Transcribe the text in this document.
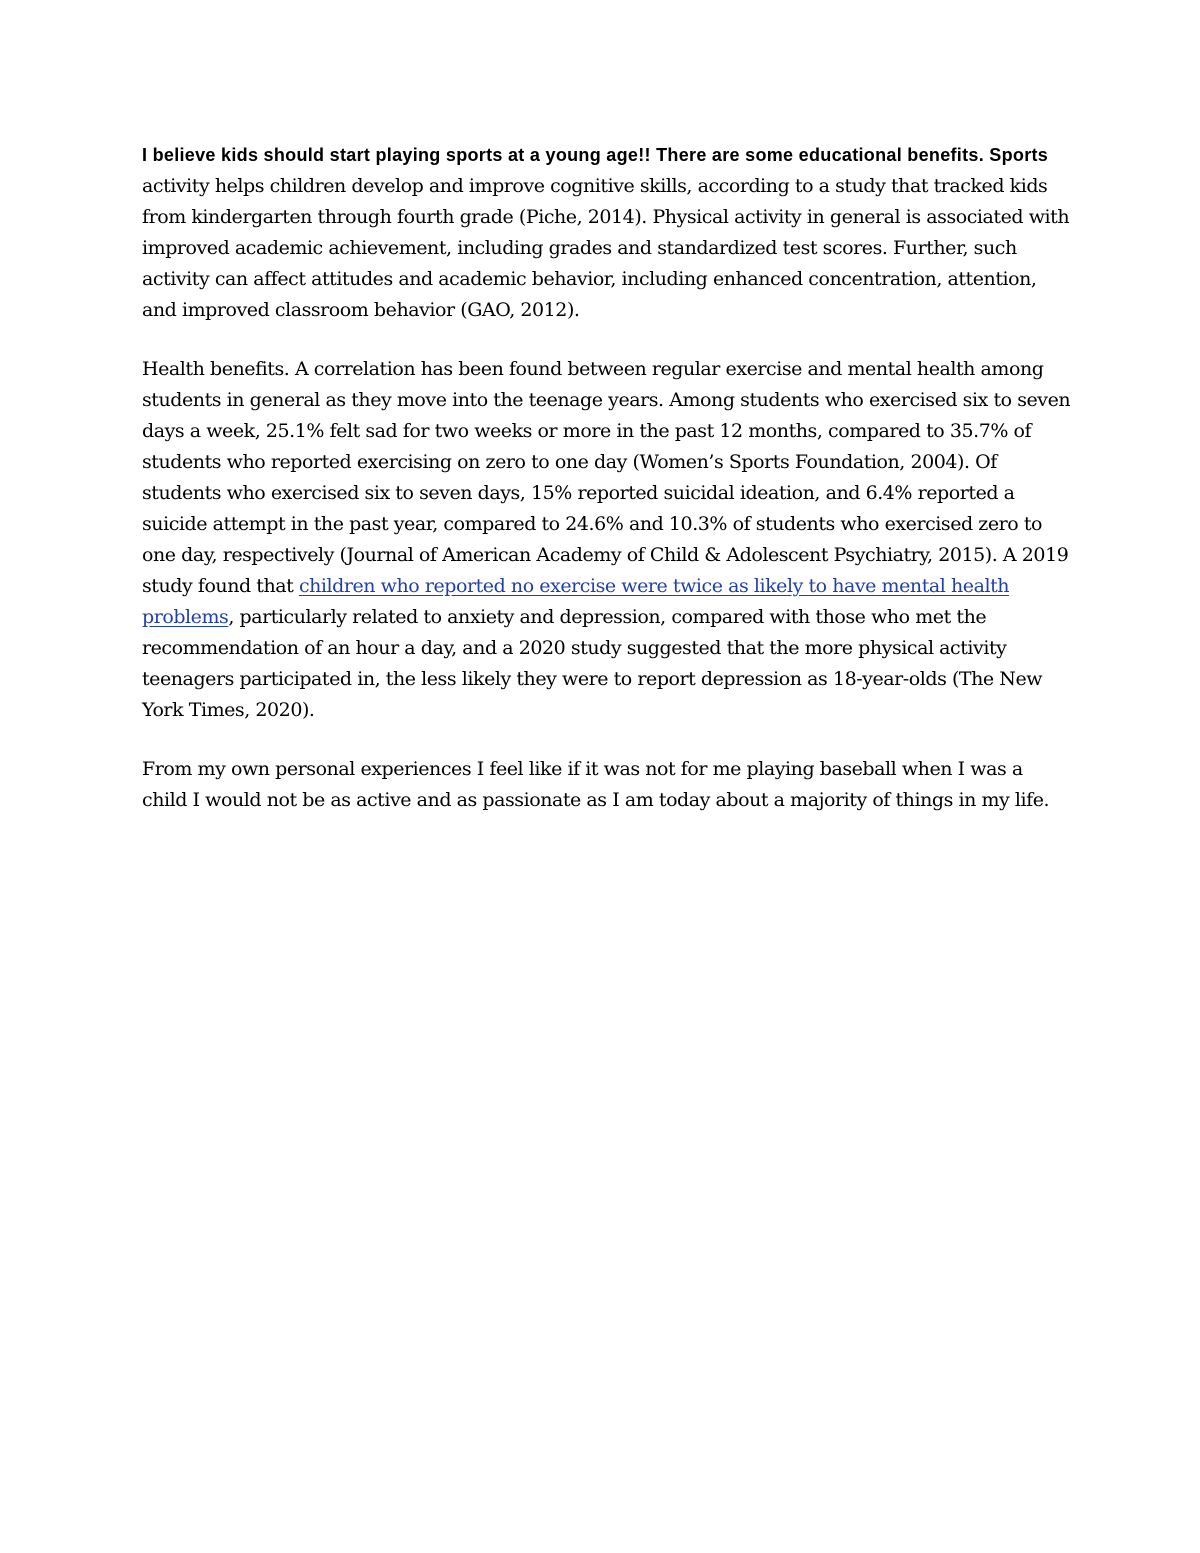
I believe kids should start playing sports at a young age!! There are some educational benefits. Sports activity helps children develop and improve cognitive skills, according to a study that tracked kids from kindergarten through fourth grade (Piche, 2014). Physical activity in general is associated with improved academic achievement, including grades and standardized test scores. Further, such activity can affect attitudes and academic behavior, including enhanced concentration, attention, and improved classroom behavior (GAO, 2012).

Health benefits. A correlation has been found between regular exercise and mental health among students in general as they move into the teenage years. Among students who exercised six to seven days a week, 25.1% felt sad for two weeks or more in the past 12 months, compared to 35.7% of students who reported exercising on zero to one day (Women’s Sports Foundation, 2004). Of students who exercised six to seven days, 15% reported suicidal ideation, and 6.4% reported a suicide attempt in the past year, compared to 24.6% and 10.3% of students who exercised zero to one day, respectively (Journal of American Academy of Child & Adolescent Psychiatry, 2015). A 2019 study found that children who reported no exercise were twice as likely to have mental health problems, particularly related to anxiety and depression, compared with those who met the recommendation of an hour a day, and a 2020 study suggested that the more physical activity teenagers participated in, the less likely they were to report depression as 18-year-olds (The New York Times, 2020).

From my own personal experiences I feel like if it was not for me playing baseball when I was a child I would not be as active and as passionate as I am today about a majority of things in my life.
